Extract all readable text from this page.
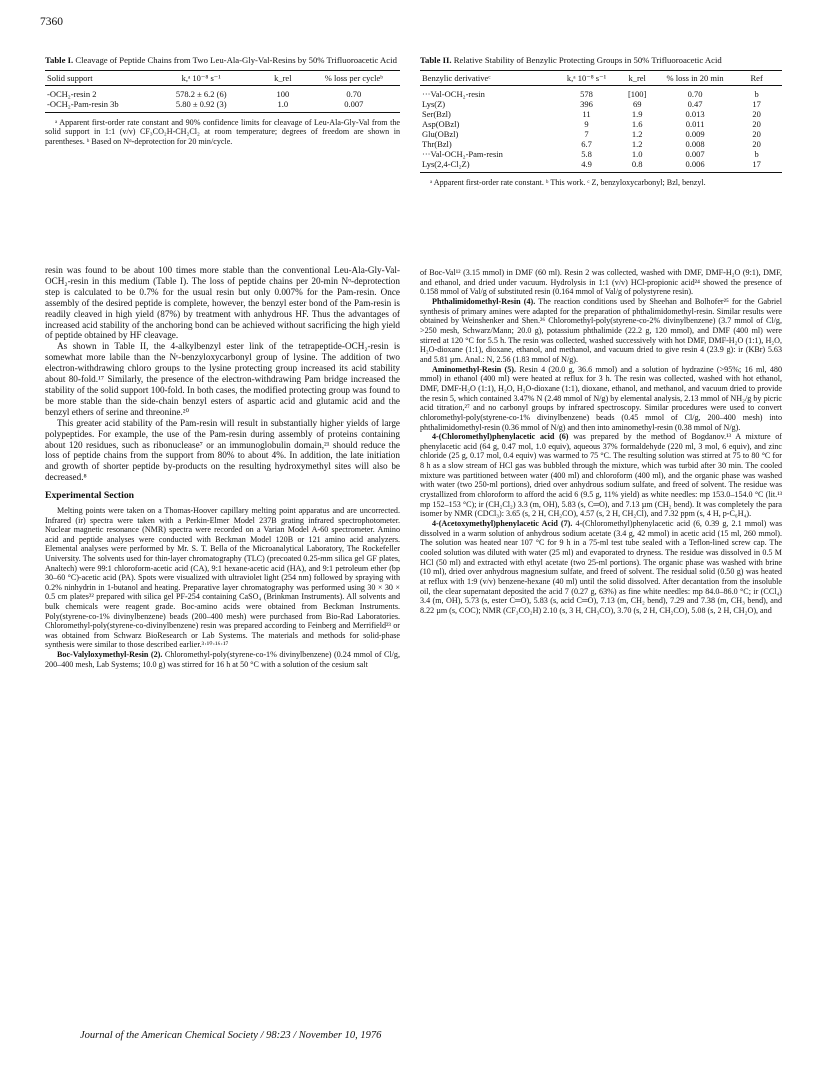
7360
Table I. Cleavage of Peptide Chains from Two Leu-Ala-Gly-Val-Resins by 50% Trifluoroacetic Acid
Solid support	k,ᵃ 10⁻⁸ s⁻¹	k_rel	% loss per cycleᵇ
-OCH₂-resin 2	578.2 ± 6.2 (6)	100	0.70
-OCH₂-Pam-resin 3b	5.80 ± 0.92 (3)	1.0	0.007
ᵃ Apparent first-order rate constant and 90% confidence limits for cleavage of Leu-Ala-Gly-Val from the solid support in 1:1 (v/v) CF₃CO₂H-CH₂Cl₂ at room temperature; degrees of freedom are shown in parentheses. ᵇ Based on Nᵅ-deprotection for 20 min/cycle.
Table II. Relative Stability of Benzylic Protecting Groups in 50% Trifluoroacetic Acid
Benzylic derivativeᶜ	k,ᵃ 10⁻⁸ s⁻¹	k_rel	% loss in 20 min	Ref
···Val-OCH₂-resin	578	[100]	0.70	b
Lys(Z)	396	69	0.47	17
Ser(Bzl)	11	1.9	0.013	20
Asp(OBzl)	9	1.6	0.011	20
Glu(OBzl)	7	1.2	0.009	20
Thr(Bzl)	6.7	1.2	0.008	20
···Val-OCH₂-Pam-resin	5.8	1.0	0.007	b
Lys(2,4-Cl₂Z)	4.9	0.8	0.006	17
ᵃ Apparent first-order rate constant. ᵇ This work. ᶜ Z, benzyloxycarbonyl; Bzl, benzyl.

resin was found to be about 100 times more stable than the conventional Leu-Ala-Gly-Val-OCH₂-resin in this medium (Table I). The loss of peptide chains per 20-min Nᵅ-deprotection step is calculated to be 0.7% for the usual resin but only 0.007% for the Pam-resin. Once assembly of the desired peptide is complete, however, the benzyl ester bond of the Pam-resin is readily cleaved in high yield (87%) by treatment with anhydrous HF. Thus the advantages of increased acid stability of the anchoring bond can be achieved without sacrificing the high yield of peptide obtained by HF cleavage.

As shown in Table II, the 4-alkylbenzyl ester link of the tetrapeptide-OCH₂-resin is somewhat more labile than the Nᵋ-benzyloxycarbonyl group of lysine. The addition of two electron-withdrawing chloro groups to the lysine protecting group increased its acid stability about 80-fold.¹⁷ Similarly, the presence of the electron-withdrawing Pam bridge increased the stability of the solid support 100-fold. In both cases, the modified protecting group was found to be more stable than the side-chain benzyl esters of aspartic acid and glutamic acid and the benzyl ethers of serine and threonine.²⁰

This greater acid stability of the Pam-resin will result in substantially higher yields of large polypeptides. For example, the use of the Pam-resin during assembly of proteins containing about 120 residues, such as ribonuclease⁷ or an immunoglobulin domain,²¹ should reduce the loss of peptide chains from the support from 80% to about 4%. In addition, the late initiation and growth of shorter peptide by-products on the resulting hydroxymethyl sites will also be decreased.⁸

Experimental Section

Melting points were taken on a Thomas-Hoover capillary melting point apparatus and are uncorrected. Infrared (ir) spectra were taken with a Perkin-Elmer Model 237B grating infrared spectrophotometer. Nuclear magnetic resonance (NMR) spectra were recorded on a Varian Model A-60 spectrometer. Amino acid and peptide analyses were conducted with Beckman Model 120B or 121 amino acid analyzers. Elemental analyses were performed by Mr. S. T. Bella of the Microanalytical Laboratory, The Rockefeller University. The solvents used for thin-layer chromatography (TLC) (precoated 0.25-mm silica gel GF plates, Analtech) were 99:1 chloroform-acetic acid (CA), 9:1 hexane-acetic acid (HA), and 9:1 petroleum ether (bp 30–60 °C)-acetic acid (PA). Spots were visualized with ultraviolet light (254 nm) followed by spraying with 0.2% ninhydrin in 1-butanol and heating. Preparative layer chromatography was performed using 30 × 30 × 0.5 cm plates²² prepared with silica gel PF-254 containing CaSO₄ (Brinkman Instruments). All solvents and bulk chemicals were reagent grade. Boc-amino acids were obtained from Beckman Instruments. Poly(styrene-co-1% divinylbenzene) beads (200–400 mesh) were purchased from Bio-Rad Laboratories. Chloromethyl-poly(styrene-co-divinylbenzene) resin was prepared according to Feinberg and Merrifield²³ or was obtained from Schwarz BioResearch or Lab Systems. The materials and methods for solid-phase synthesis were similar to those described earlier.³·¹⁰·¹⁶·¹⁷

Boc-Valyloxymethyl-Resin (2). Chloromethyl-poly(styrene-co-1% divinylbenzene) (0.24 mmol of Cl/g, 200–400 mesh, Lab Systems; 10.0 g) was stirred for 16 h at 50 °C with a solution of the cesium salt

of Boc-Val¹² (3.15 mmol) in DMF (60 ml). Resin 2 was collected, washed with DMF, DMF-H₂O (9:1), DMF, and ethanol, and dried under vacuum. Hydrolysis in 1:1 (v/v) HCl-propionic acid²⁴ showed the presence of 0.158 mmol of Val/g of substituted resin (0.164 mmol of Val/g of polystyrene resin).

Phthalimidomethyl-Resin (4). The reaction conditions used by Sheehan and Bolhofer²⁵ for the Gabriel synthesis of primary amines were adapted for the preparation of phthalimidomethyl-resin. Similar results were obtained by Weinshenker and Shen.²⁶ Chloromethyl-poly(styrene-co-2% divinylbenzene) (3.7 mmol of Cl/g, >250 mesh, Schwarz/Mann; 20.0 g), potassium phthalimide (22.2 g, 120 mmol), and DMF (400 ml) were stirred at 120 °C for 5.5 h. The resin was collected, washed successively with hot DMF, DMF-H₂O (1:1), H₂O, H₂O-dioxane (1:1), dioxane, ethanol, and methanol, and vacuum dried to give resin 4 (23.9 g): ir (KBr) 5.63 and 5.81 µm. Anal.: N, 2.56 (1.83 mmol of N/g).

Aminomethyl-Resin (5). Resin 4 (20.0 g, 36.6 mmol) and a solution of hydrazine (>95%; 16 ml, 480 mmol) in ethanol (400 ml) were heated at reflux for 3 h. The resin was collected, washed with hot ethanol, DMF, DMF-H₂O (1:1), H₂O, H₂O-dioxane (1:1), dioxane, ethanol, and methanol, and vacuum dried to provide the resin 5, which contained 3.47% N (2.48 mmol of N/g) by elemental analysis, 2.13 mmol of NH₂/g by picric acid titration,²⁷ and no carbonyl groups by infrared spectroscopy. Similar procedures were used to convert chloromethyl-poly(styrene-co-1% divinylbenzene) beads (0.45 mmol of Cl/g, 200–400 mesh) into phthalimidomethyl-resin (0.36 mmol of N/g) and then into aminomethyl-resin (0.38 mmol of N/g).

4-(Chloromethyl)phenylacetic acid (6) was prepared by the method of Bogdanov.¹³ A mixture of phenylacetic acid (64 g, 0.47 mol, 1.0 equiv), aqueous 37% formaldehyde (220 ml, 3 mol, 6 equiv), and zinc chloride (25 g, 0.17 mol, 0.4 equiv) was warmed to 75 °C. The resulting solution was stirred at 75 to 80 °C for 8 h as a slow stream of HCl gas was bubbled through the mixture, which was turbid after 30 min. The cooled mixture was partitioned between water (400 ml) and chloroform (400 ml), and the organic phase was washed with water (two 250-ml portions), dried over anhydrous sodium sulfate, and freed of solvent. The residue was crystallized from chloroform to afford the acid 6 (9.5 g, 11% yield) as white needles: mp 153.0–154.0 °C (lit.¹³ mp 152–153 °C); ir (CH₂Cl₂) 3.3 (m, OH), 5.83 (s, C═O), and 7.13 µm (CH₂ bend). It was completely the para isomer by NMR (CDCl₃): 3.65 (s, 2 H, CH₂CO), 4.57 (s, 2 H, CH₂Cl), and 7.32 ppm (s, 4 H, p-C₆H₄).

4-(Acetoxymethyl)phenylacetic Acid (7). 4-(Chloromethyl)phenylacetic acid (6, 0.39 g, 2.1 mmol) was dissolved in a warm solution of anhydrous sodium acetate (3.4 g, 42 mmol) in acetic acid (15 ml, 260 mmol). The solution was heated near 107 °C for 9 h in a 75-ml test tube sealed with a Teflon-lined screw cap. The cooled solution was diluted with water (25 ml) and evaporated to dryness. The residue was dissolved in 0.5 M HCl (50 ml) and extracted with ethyl acetate (two 25-ml portions). The organic phase was washed with brine (10 ml), dried over anhydrous magnesium sulfate, and freed of solvent. The residual solid (0.50 g) was heated at reflux with 1:9 (v/v) benzene-hexane (40 ml) until the solid dissolved. After decantation from the insoluble oil, the clear supernatant deposited the acid 7 (0.27 g, 63%) as fine white needles: mp 84.0–86.0 °C; ir (CCl₄) 3.4 (m, OH), 5.73 (s, ester C═O), 5.83 (s, acid C═O), 7.13 (m, CH₂ bend), 7.29 and 7.38 (m, CH₃ bend), and 8.22 µm (s, COC); NMR (CF₃CO₂H) 2.10 (s, 3 H, CH₃CO), 3.70 (s, 2 H, CH₂CO), 5.08 (s, 2 H, CH₂O), and

Journal of the American Chemical Society / 98:23 / November 10, 1976
